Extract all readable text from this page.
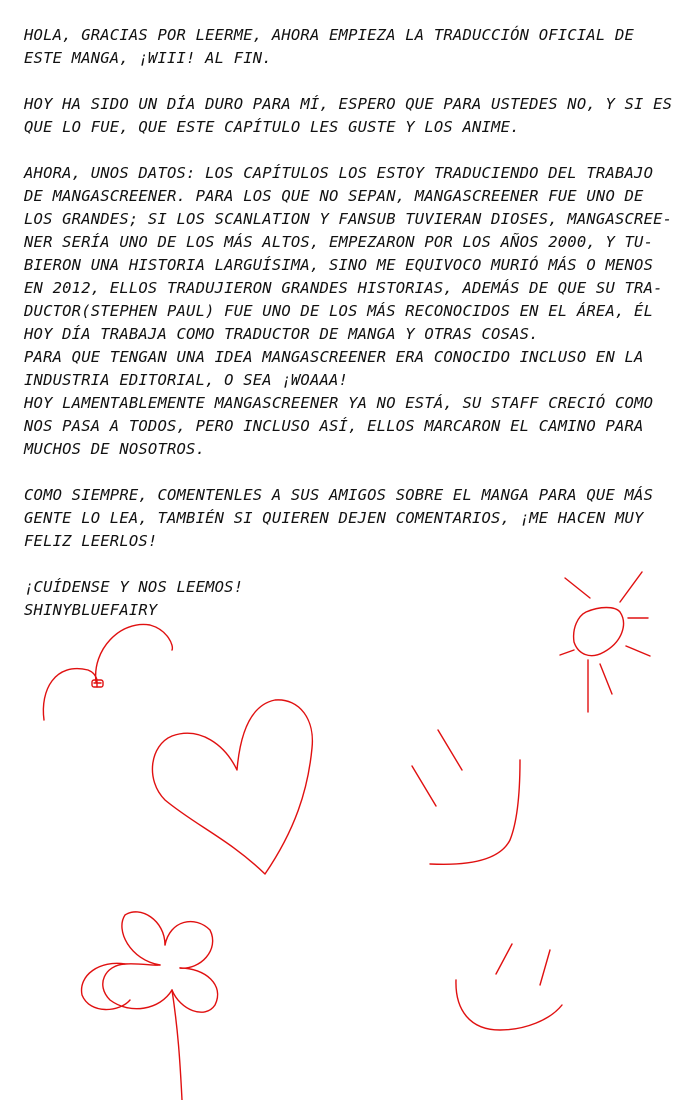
HOLA, GRACIAS POR LEERME, AHORA EMPIEZA LA TRADUCCIÓN OFICIAL DE
ESTE MANGA, ¡WIII! AL FIN.
HOY HA SIDO UN DÍA DURO PARA MÍ, ESPERO QUE PARA USTEDES NO, Y SI ES
QUE LO FUE, QUE ESTE CAPÍTULO LES GUSTE Y LOS ANIME.
AHORA, UNOS DATOS: LOS CAPÍTULOS LOS ESTOY TRADUCIENDO DEL TRABAJO
DE MANGASCREENER. PARA LOS QUE NO SEPAN, MANGASCREENER FUE UNO DE
LOS GRANDES; SI LOS SCANLATION Y FANSUB TUVIERAN DIOSES, MANGASCREE-
NER SERÍA UNO DE LOS MÁS ALTOS, EMPEZARON POR LOS AÑOS 2000, Y TU-
BIERON UNA HISTORIA LARGUÍSIMA, SINO ME EQUIVOCO MURIÓ MÁS O MENOS
EN 2012, ELLOS TRADUJIERON GRANDES HISTORIAS, ADEMÁS DE QUE SU TRA-
DUCTOR(STEPHEN PAUL) FUE UNO DE LOS MÁS RECONOCIDOS EN EL ÁREA, ÉL
HOY DÍA TRABAJA COMO TRADUCTOR DE MANGA Y OTRAS COSAS.
PARA QUE TENGAN UNA IDEA MANGASCREENER ERA CONOCIDO INCLUSO EN LA
INDUSTRIA EDITORIAL, O SEA ¡WOAAA!
HOY LAMENTABLEMENTE MANGASCREENER YA NO ESTÁ, SU STAFF CRECIÓ COMO
NOS PASA A TODOS, PERO INCLUSO ASÍ, ELLOS MARCARON EL CAMINO PARA
MUCHOS DE NOSOTROS.
COMO SIEMPRE, COMENTENLES A SUS AMIGOS SOBRE EL MANGA PARA QUE MÁS
GENTE LO LEA, TAMBIÉN SI QUIEREN DEJEN COMENTARIOS, ¡ME HACEN MUY
FELIZ LEERLOS!
¡CUÍDENSE Y NOS LEEMOS!
SHINYBLUEFAIRY
